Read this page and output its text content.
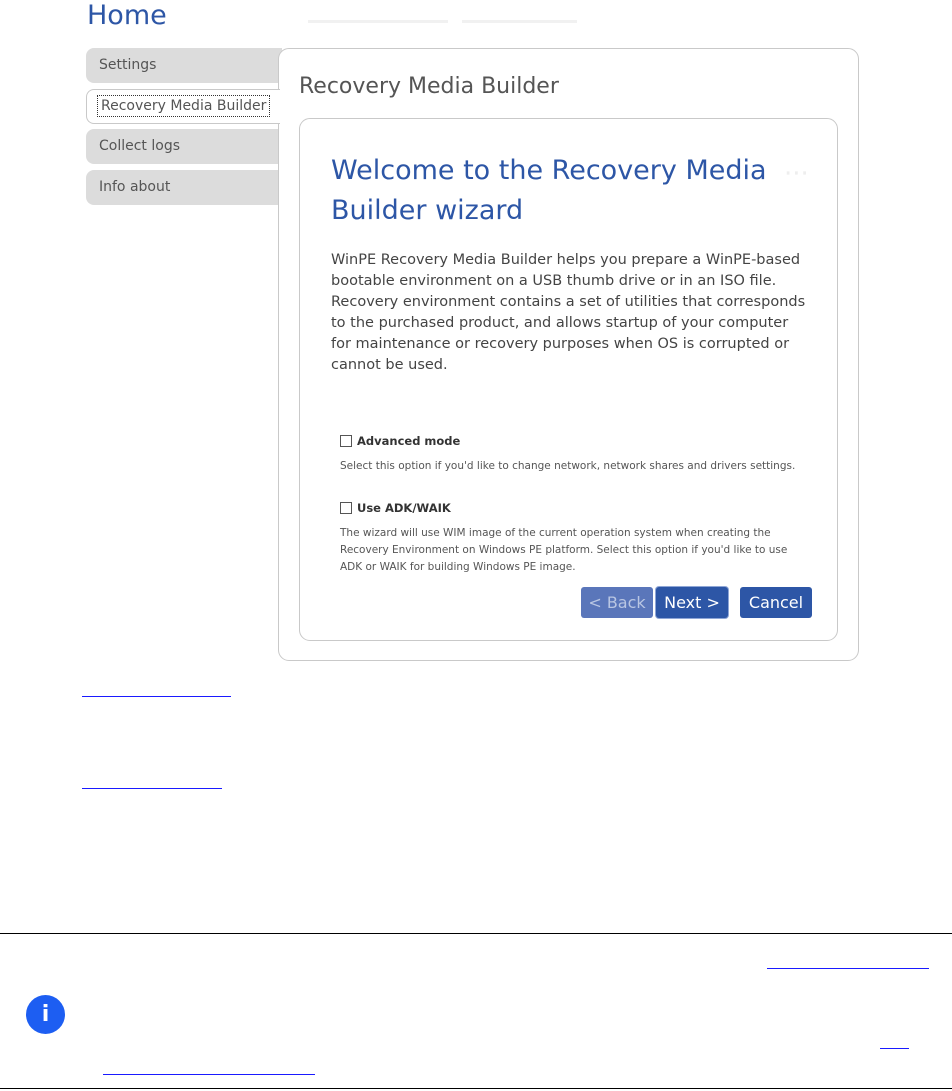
Home
Settings
Recovery Media Builder
Collect logs
Info about
Recovery Media Builder
Welcome to the Recovery Media
Builder wizard
⋅⋅⋅
WinPE Recovery Media Builder helps you prepare a WinPE-based bootable environment on a USB thumb drive or in an ISO file. Recovery environment contains a set of utilities that corresponds to the purchased product, and allows startup of your computer for maintenance or recovery purposes when OS is corrupted or cannot be used.
Advanced mode
Select this option if you'd like to change network, network shares and drivers settings.
Use ADK/WAIK
The wizard will use WIM image of the current operation system when creating the Recovery Environment on Windows PE platform. Select this option if you'd like to use ADK or WAIK for building Windows PE image.
< Back	Next >	Cancel
i
